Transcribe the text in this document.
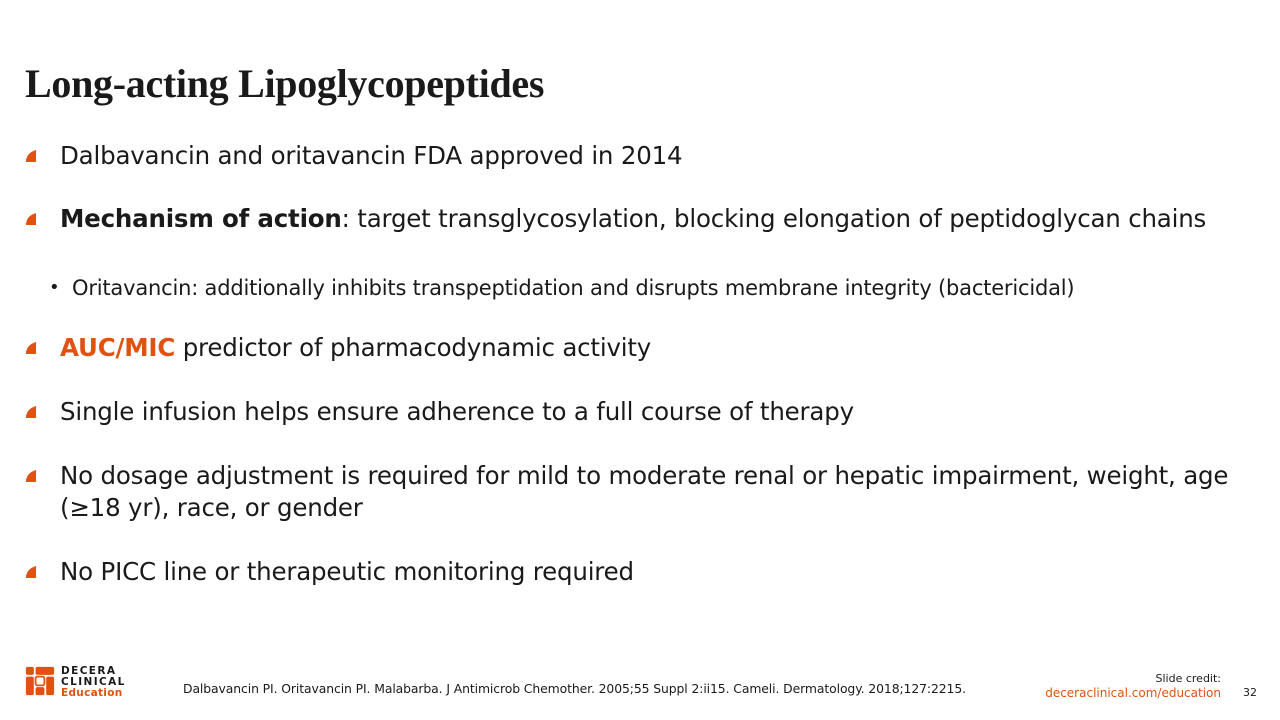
Long-acting Lipoglycopeptides
Dalbavancin and oritavancin FDA approved in 2014
Mechanism of action: target transglycosylation, blocking elongation of peptidoglycan chains
• Oritavancin: additionally inhibits transpeptidation and disrupts membrane integrity (bactericidal)
AUC/MIC predictor of pharmacodynamic activity
Single infusion helps ensure adherence to a full course of therapy
No dosage adjustment is required for mild to moderate renal or hepatic impairment, weight, age (≥18 yr), race, or gender
No PICC line or therapeutic monitoring required
DECERA
CLINICAL
Education	Dalbavancin PI. Oritavancin PI. Malabarba. J Antimicrob Chemother. 2005;55 Suppl 2:ii15. Cameli. Dermatology. 2018;127:2215.
Slide credit:
deceraclinical.com/education 32
